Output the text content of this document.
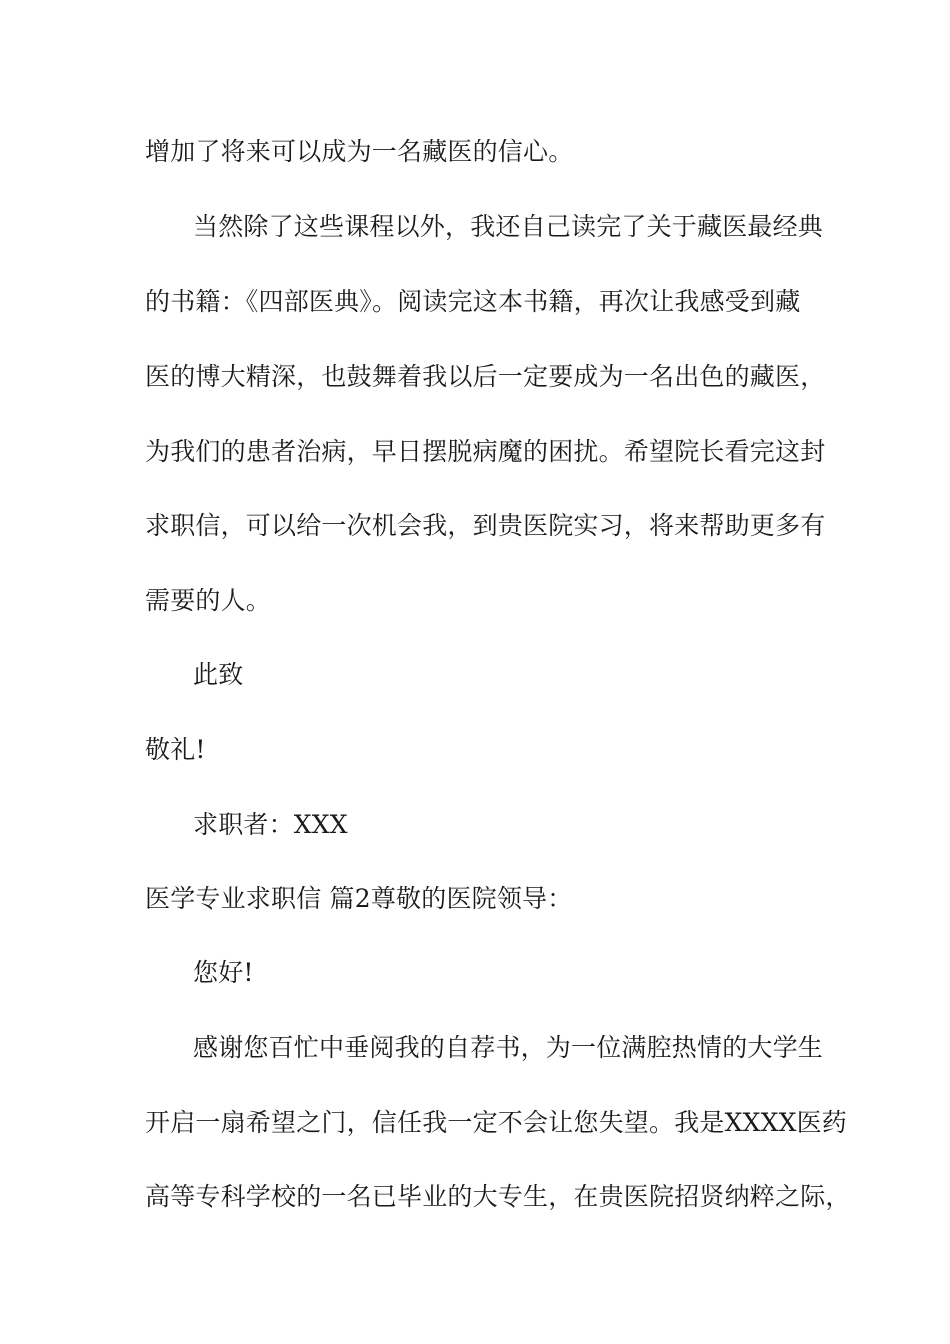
增加了将来可以成为一名藏医的信心。
当然除了这些课程以外，我还自己读完了关于藏医最经典
的书籍：《四部医典》。阅读完这本书籍，再次让我感受到藏
医的博大精深，也鼓舞着我以后一定要成为一名出色的藏医，
为我们的患者治病，早日摆脱病魔的困扰。希望院长看完这封
求职信，可以给一次机会我，到贵医院实习，将来帮助更多有
需要的人。
此致
敬礼!
求职者：XXX
医学专业求职信 篇2尊敬的医院领导：
您好!
感谢您百忙中垂阅我的自荐书，为一位满腔热情的大学生
开启一扇希望之门，信任我一定不会让您失望。我是XXXX医药
高等专科学校的一名已毕业的大专生，在贵医院招贤纳粹之际，
